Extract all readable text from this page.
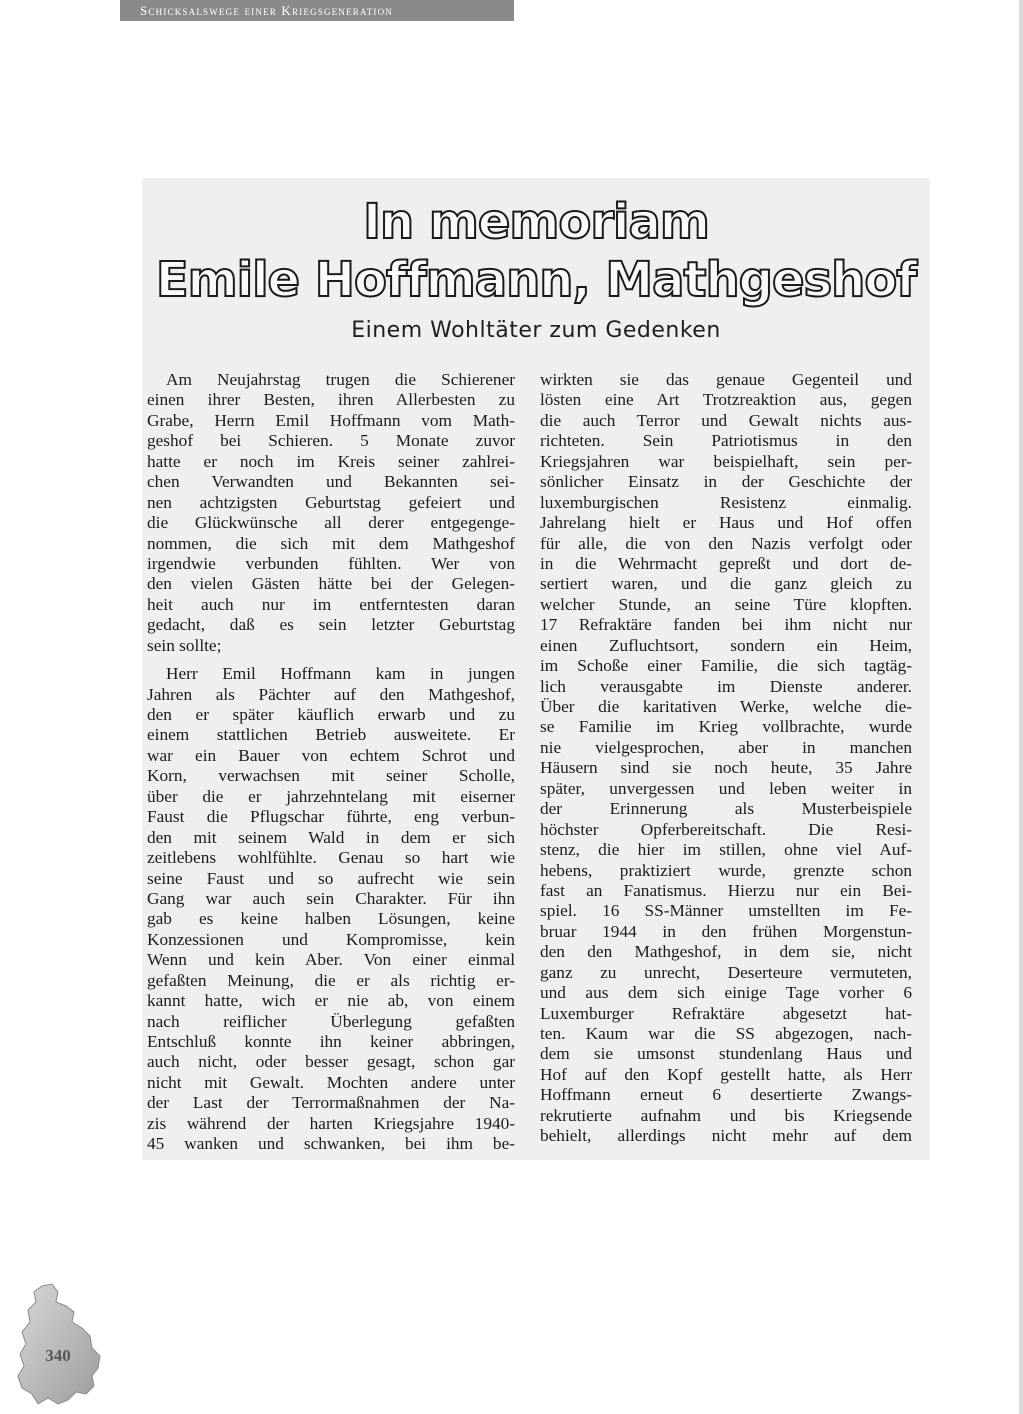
Schicksalswege einer Kriegsgeneration
In memoriam
Emile Hoffmann, Mathgeshof
Einem Wohltäter zum Gedenken
Am Neujahrstag trugen die Schierener
einen ihrer Besten, ihren Allerbesten zu
Grabe, Herrn Emil Hoffmann vom Math-
geshof bei Schieren. 5 Monate zuvor
hatte er noch im Kreis seiner zahlrei-
chen Verwandten und Bekannten sei-
nen achtzigsten Geburtstag gefeiert und
die Glückwünsche all derer entgegenge-
nommen, die sich mit dem Mathgeshof
irgendwie verbunden fühlten. Wer von
den vielen Gästen hätte bei der Gelegen-
heit auch nur im entferntesten daran
gedacht, daß es sein letzter Geburtstag
sein sollte;
Herr Emil Hoffmann kam in jungen
Jahren als Pächter auf den Mathgeshof,
den er später käuflich erwarb und zu
einem stattlichen Betrieb ausweitete. Er
war ein Bauer von echtem Schrot und
Korn, verwachsen mit seiner Scholle,
über die er jahrzehntelang mit eiserner
Faust die Pflugschar führte, eng verbun-
den mit seinem Wald in dem er sich
zeitlebens wohlfühlte. Genau so hart wie
seine Faust und so aufrecht wie sein
Gang war auch sein Charakter. Für ihn
gab es keine halben Lösungen, keine
Konzessionen und Kompromisse, kein
Wenn und kein Aber. Von einer einmal
gefaßten Meinung, die er als richtig er-
kannt hatte, wich er nie ab, von einem
nach reiflicher Überlegung gefaßten
Entschluß konnte ihn keiner abbringen,
auch nicht, oder besser gesagt, schon gar
nicht mit Gewalt. Mochten andere unter
der Last der Terrormaßnahmen der Na-
zis während der harten Kriegsjahre 1940-
45 wanken und schwanken, bei ihm be-
wirkten sie das genaue Gegenteil und
lösten eine Art Trotzreaktion aus, gegen
die auch Terror und Gewalt nichts aus-
richteten. Sein Patriotismus in den
Kriegsjahren war beispielhaft, sein per-
sönlicher Einsatz in der Geschichte der
luxemburgischen Resistenz einmalig.
Jahrelang hielt er Haus und Hof offen
für alle, die von den Nazis verfolgt oder
in die Wehrmacht gepreßt und dort de-
sertiert waren, und die ganz gleich zu
welcher Stunde, an seine Türe klopften.
17 Refraktäre fanden bei ihm nicht nur
einen Zufluchtsort, sondern ein Heim,
im Schoße einer Familie, die sich tagtäg-
lich verausgabte im Dienste anderer.
Über die karitativen Werke, welche die-
se Familie im Krieg vollbrachte, wurde
nie vielgesprochen, aber in manchen
Häusern sind sie noch heute, 35 Jahre
später, unvergessen und leben weiter in
der Erinnerung als Musterbeispiele
höchster Opferbereitschaft. Die Resi-
stenz, die hier im stillen, ohne viel Auf-
hebens, praktiziert wurde, grenzte schon
fast an Fanatismus. Hierzu nur ein Bei-
spiel. 16 SS-Männer umstellten im Fe-
bruar 1944 in den frühen Morgenstun-
den den Mathgeshof, in dem sie, nicht
ganz zu unrecht, Deserteure vermuteten,
und aus dem sich einige Tage vorher 6
Luxemburger Refraktäre abgesetzt hat-
ten. Kaum war die SS abgezogen, nach-
dem sie umsonst stundenlang Haus und
Hof auf den Kopf gestellt hatte, als Herr
Hoffmann erneut 6 desertierte Zwangs-
rekrutierte aufnahm und bis Kriegsende
behielt, allerdings nicht mehr auf dem
340
